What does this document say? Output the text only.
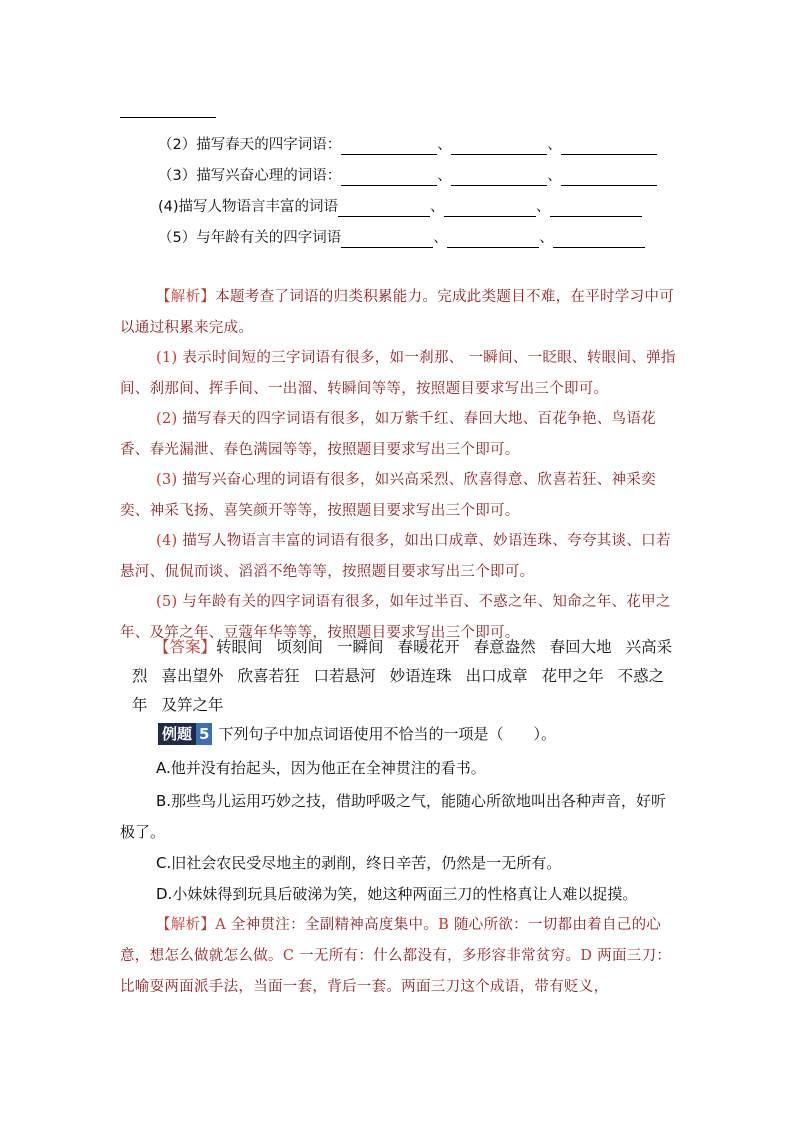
（2）描写春天的四字词语：	、	、
（3）描写兴奋心理的词语：	、	、
(4)描写人物语言丰富的词语	、	、
（5）与年龄有关的四字词语	、	、
【解析】本题考查了词语的归类积累能力。完成此类题目不难，在平时学习中可以通过积累来完成。
(1) 表示时间短的三字词语有很多，如一刹那、 一瞬间、一眨眼、转眼间、弹指间、刹那间、挥手间、一出溜、转瞬间等等，按照题目要求写出三个即可。
(2) 描写春天的四字词语有很多，如万紫千红、春回大地、百花争艳、鸟语花香、春光漏泄、春色满园等等，按照题目要求写出三个即可。
(3) 描写兴奋心理的词语有很多，如兴高采烈、欣喜得意、欣喜若狂、神采奕奕、神采飞扬、喜笑颜开等等，按照题目要求写出三个即可。
(4) 描写人物语言丰富的词语有很多，如出口成章、妙语连珠、夸夸其谈、口若悬河、侃侃而谈、滔滔不绝等等，按照题目要求写出三个即可。
(5) 与年龄有关的四字词语有很多，如年过半百、不惑之年、知命之年、花甲之年、及笄之年、豆蔻年华等等，按照题目要求写出三个即可。
【答案】转眼间 顷刻间 一瞬间 春暖花开 春意盎然 春回大地 兴高采烈 喜出望外 欣喜若狂 口若悬河 妙语连珠 出口成章 花甲之年 不惑之年 及笄之年
例题 5 下列句子中加点词语使用不恰当的一项是（　　）。
A.他并没有抬起头，因为他正在全神贯注的看书。
B.那些鸟儿运用巧妙之技，借助呼吸之气，能随心所欲地叫出各种声音，好听极了。
C.旧社会农民受尽地主的剥削，终日辛苦，仍然是一无所有。
D.小妹妹得到玩具后破涕为笑，她这种两面三刀的性格真让人难以捉摸。
【解析】A 全神贯注：全副精神高度集中。B 随心所欲：一切都由着自己的心意，想怎么做就怎么做。C 一无所有：什么都没有，多形容非常贫穷。D 两面三刀：比喻耍两面派手法，当面一套，背后一套。两面三刀这个成语，带有贬义，
